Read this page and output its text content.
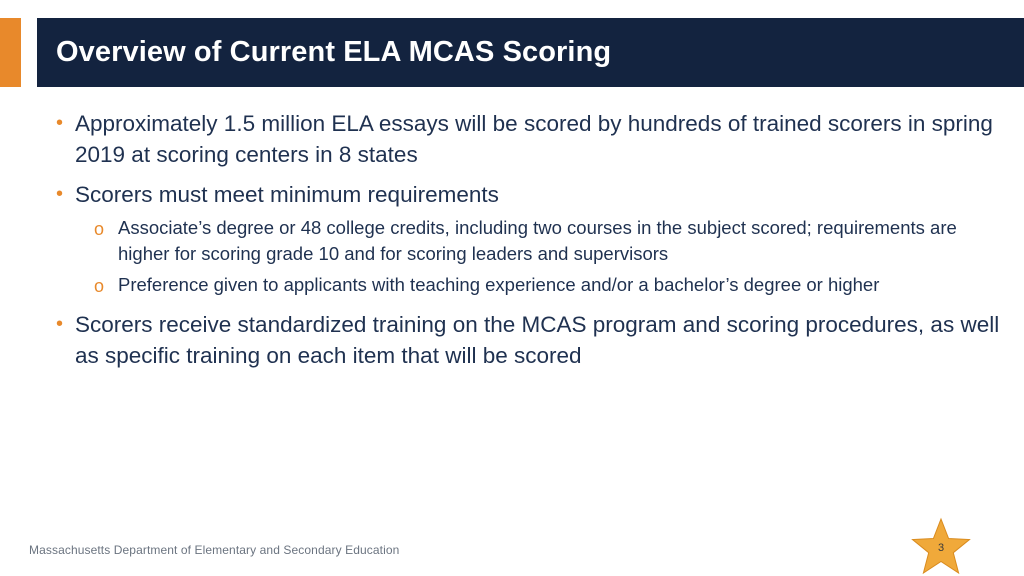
Overview of Current ELA MCAS Scoring
• Approximately 1.5 million ELA essays will be scored by hundreds of trained scorers in spring 2019 at scoring centers in 8 states
• Scorers must meet minimum requirements
o Associate’s degree or 48 college credits, including two courses in the subject scored; requirements are higher for scoring grade 10 and for scoring leaders and supervisors
o Preference given to applicants with teaching experience and/or a bachelor’s degree or higher
• Scorers receive standardized training on the MCAS program and scoring procedures, as well as specific training on each item that will be scored
Massachusetts Department of Elementary and Secondary Education	3
